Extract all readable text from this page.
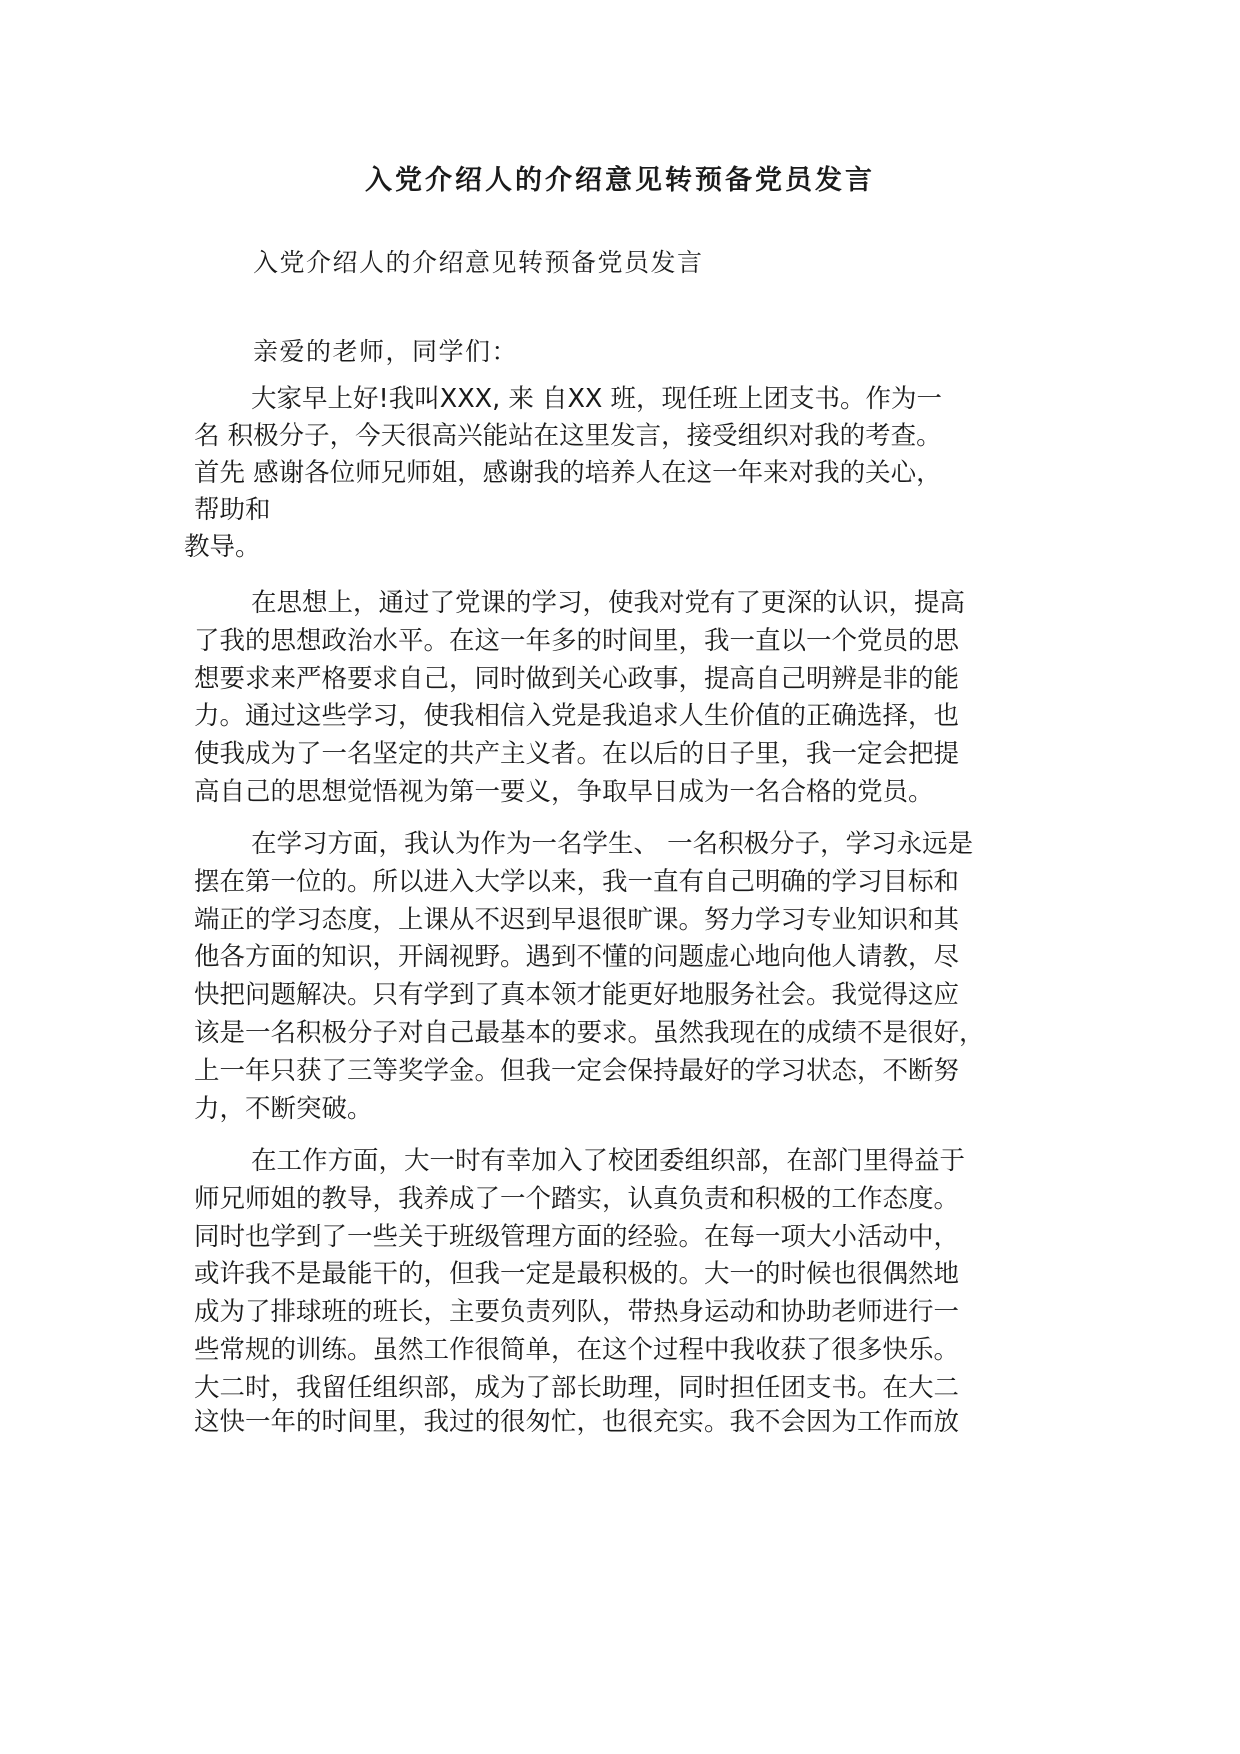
入党介绍人的介绍意见转预备党员发言
入党介绍人的介绍意见转预备党员发言
亲爱的老师，同学们：
大家早上好!我叫XXX, 来 自XX 班，现任班上团支书。作为一
名 积极分子，今天很高兴能站在这里发言，接受组织对我的考查。
首先 感谢各位师兄师姐，感谢我的培养人在这一年来对我的关心，
帮助和
教导。
在思想上，通过了党课的学习，使我对党有了更深的认识，提高
了我的思想政治水平。在这一年多的时间里，我一直以一个党员的思
想要求来严格要求自己，同时做到关心政事，提高自己明辨是非的能
力。通过这些学习，使我相信入党是我追求人生价值的正确选择，也
使我成为了一名坚定的共产主义者。在以后的日子里，我一定会把提
高自己的思想觉悟视为第一要义，争取早日成为一名合格的党员。
在学习方面，我认为作为一名学生、 一名积极分子，学习永远是
摆在第一位的。所以进入大学以来，我一直有自己明确的学习目标和
端正的学习态度，上课从不迟到早退很旷课。努力学习专业知识和其
他各方面的知识，开阔视野。遇到不懂的问题虚心地向他人请教，尽
快把问题解决。只有学到了真本领才能更好地服务社会。我觉得这应
该是一名积极分子对自己最基本的要求。虽然我现在的成绩不是很好，
上一年只获了三等奖学金。但我一定会保持最好的学习状态，不断努
力，不断突破。
在工作方面，大一时有幸加入了校团委组织部，在部门里得益于
师兄师姐的教导，我养成了一个踏实，认真负责和积极的工作态度。
同时也学到了一些关于班级管理方面的经验。在每一项大小活动中，
或许我不是最能干的，但我一定是最积极的。大一的时候也很偶然地
成为了排球班的班长，主要负责列队，带热身运动和协助老师进行一
些常规的训练。虽然工作很简单，在这个过程中我收获了很多快乐。
大二时，我留任组织部，成为了部长助理，同时担任团支书。在大二
这快一年的时间里，我过的很匆忙，也很充实。我不会因为工作而放
